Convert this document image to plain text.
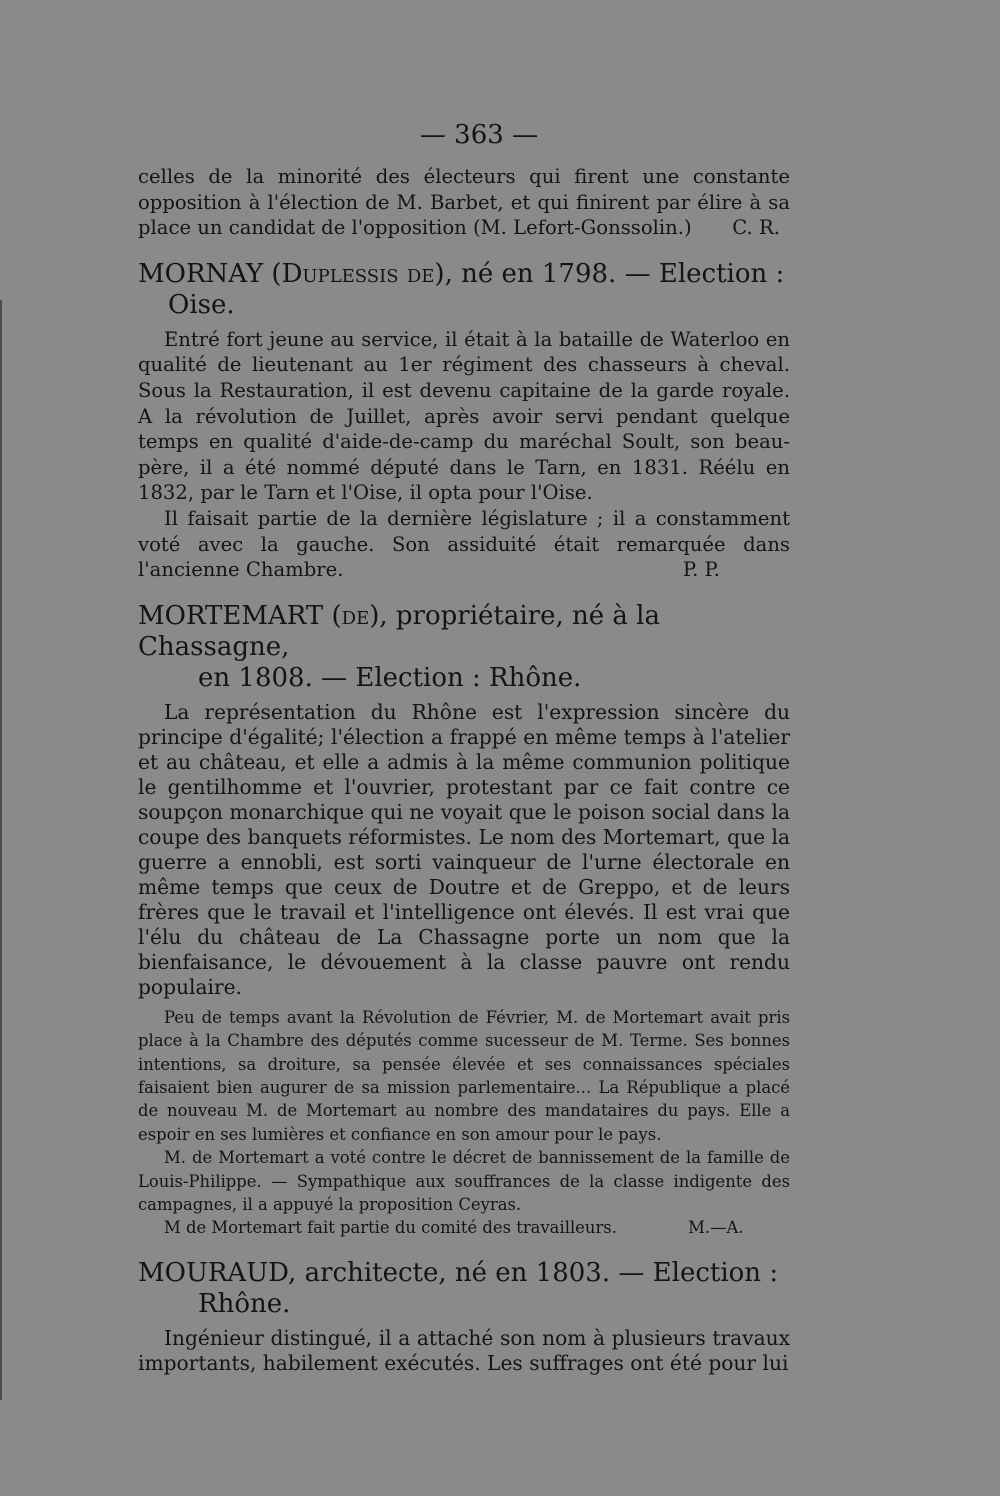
— 363 —

celles de la minorité des électeurs qui firent une constante opposition à l'élection de M. Barbet, et qui finirent par élire à sa place un candidat de l'opposition (M. Lefort-Gonssolin.) C. R.

MORNAY (Duplessis de), né en 1798. — Election :
Oise.

Entré fort jeune au service, il était à la bataille de Waterloo en qualité de lieutenant au 1er régiment des chasseurs à cheval. Sous la Restauration, il est devenu capitaine de la garde royale. A la révolution de Juillet, après avoir servi pendant quelque temps en qualité d'aide-de-camp du maréchal Soult, son beau-père, il a été nommé député dans le Tarn, en 1831. Réélu en 1832, par le Tarn et l'Oise, il opta pour l'Oise.

Il faisait partie de la dernière législature ; il a constamment voté avec la gauche. Son assiduité était remarquée dans l'ancienne Chambre.	P. P.

MORTEMART (de), propriétaire, né à la Chassagne,
en 1808. — Election : Rhône.

La représentation du Rhône est l'expression sincère du principe d'égalité; l'élection a frappé en même temps à l'atelier et au château, et elle a admis à la même communion politique le gentilhomme et l'ouvrier, protestant par ce fait contre ce soupçon monarchique qui ne voyait que le poison social dans la coupe des banquets réformistes. Le nom des Mortemart, que la guerre a ennobli, est sorti vainqueur de l'urne électorale en même temps que ceux de Doutre et de Greppo, et de leurs frères que le travail et l'intelligence ont élevés. Il est vrai que l'élu du château de La Chassagne porte un nom que la bienfaisance, le dévouement à la classe pauvre ont rendu populaire.

Peu de temps avant la Révolution de Février, M. de Mortemart avait pris place à la Chambre des députés comme sucesseur de M. Terme. Ses bonnes intentions, sa droiture, sa pensée élevée et ses connaissances spéciales faisaient bien augurer de sa mission parlementaire... La République a placé de nouveau M. de Mortemart au nombre des mandataires du pays. Elle a espoir en ses lumières et confiance en son amour pour le pays.

M. de Mortemart a voté contre le décret de bannissement de la famille de Louis-Philippe. — Sympathique aux souffrances de la classe indigente des campagnes, il a appuyé la proposition Ceyras.

M de Mortemart fait partie du comité des travailleurs.	M.—A.

MOURAUD, architecte, né en 1803. — Election :
Rhône.

Ingénieur distingué, il a attaché son nom à plusieurs travaux importants, habilement exécutés. Les suffrages ont été pour lui
